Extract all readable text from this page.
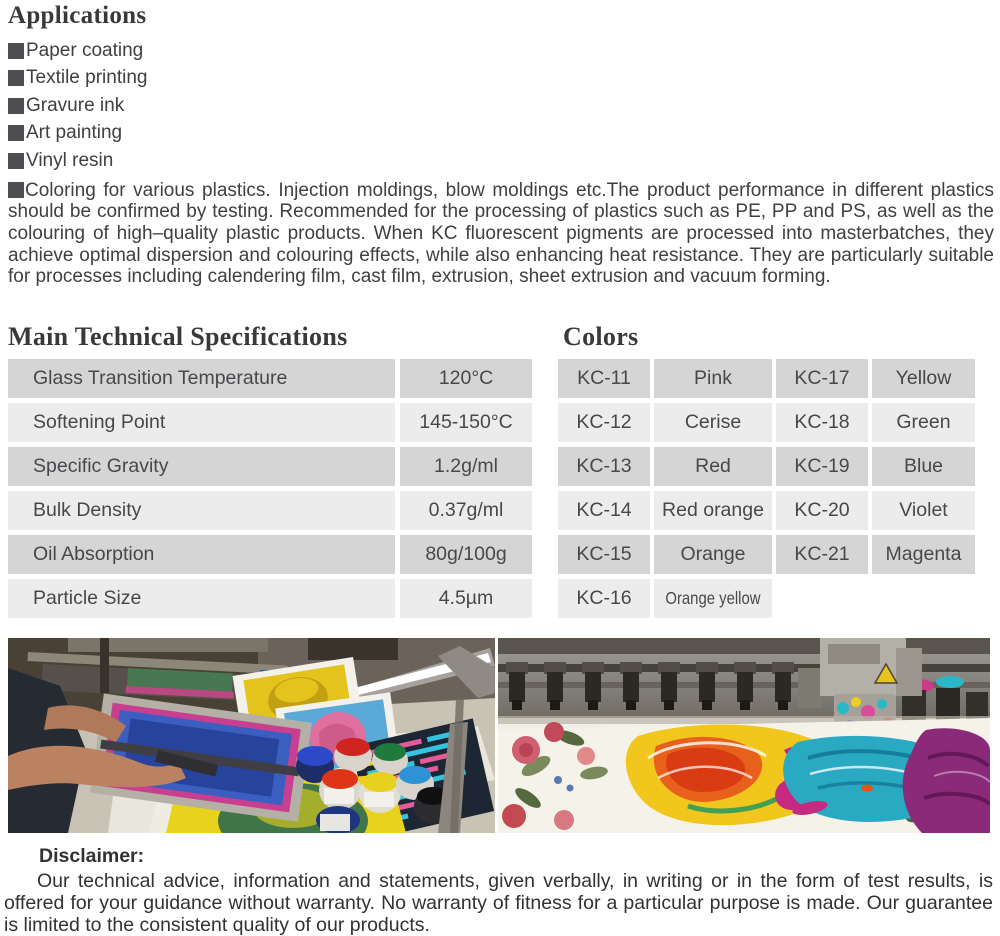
Applications
Paper coating
Textile printing
Gravure ink
Art painting
Vinyl resin

Coloring for various plastics. Injection moldings, blow moldings etc.The product performance in different plastics should be confirmed by testing. Recommended for the processing of plastics such as PE, PP and PS, as well as the colouring of high–quality plastic products. When KC fluorescent pigments are processed into masterbatches, they achieve optimal dispersion and colouring effects, while also enhancing heat resistance. They are particularly suitable for processes including calendering film, cast film, extrusion, sheet extrusion and vacuum forming.

Main Technical Specifications
Glass Transition Temperature	120°C
Softening Point	145-150°C
Specific Gravity	1.2g/ml
Bulk Density	0.37g/ml
Oil Absorption	80g/100g
Particle Size	4.5µm
Colors
KC-11	Pink	KC-17	Yellow
KC-12	Cerise	KC-18	Green
KC-13	Red	KC-19	Blue
KC-14	Red orange	KC-20	Violet
KC-15	Orange	KC-21	Magenta
KC-16	Orange yellow
Disclaimer:

Our technical advice, information and statements, given verbally, in writing or in the form of test results, is offered for your guidance without warranty. No warranty of fitness for a particular purpose is made. Our guarantee is limited to the consistent quality of our products.
